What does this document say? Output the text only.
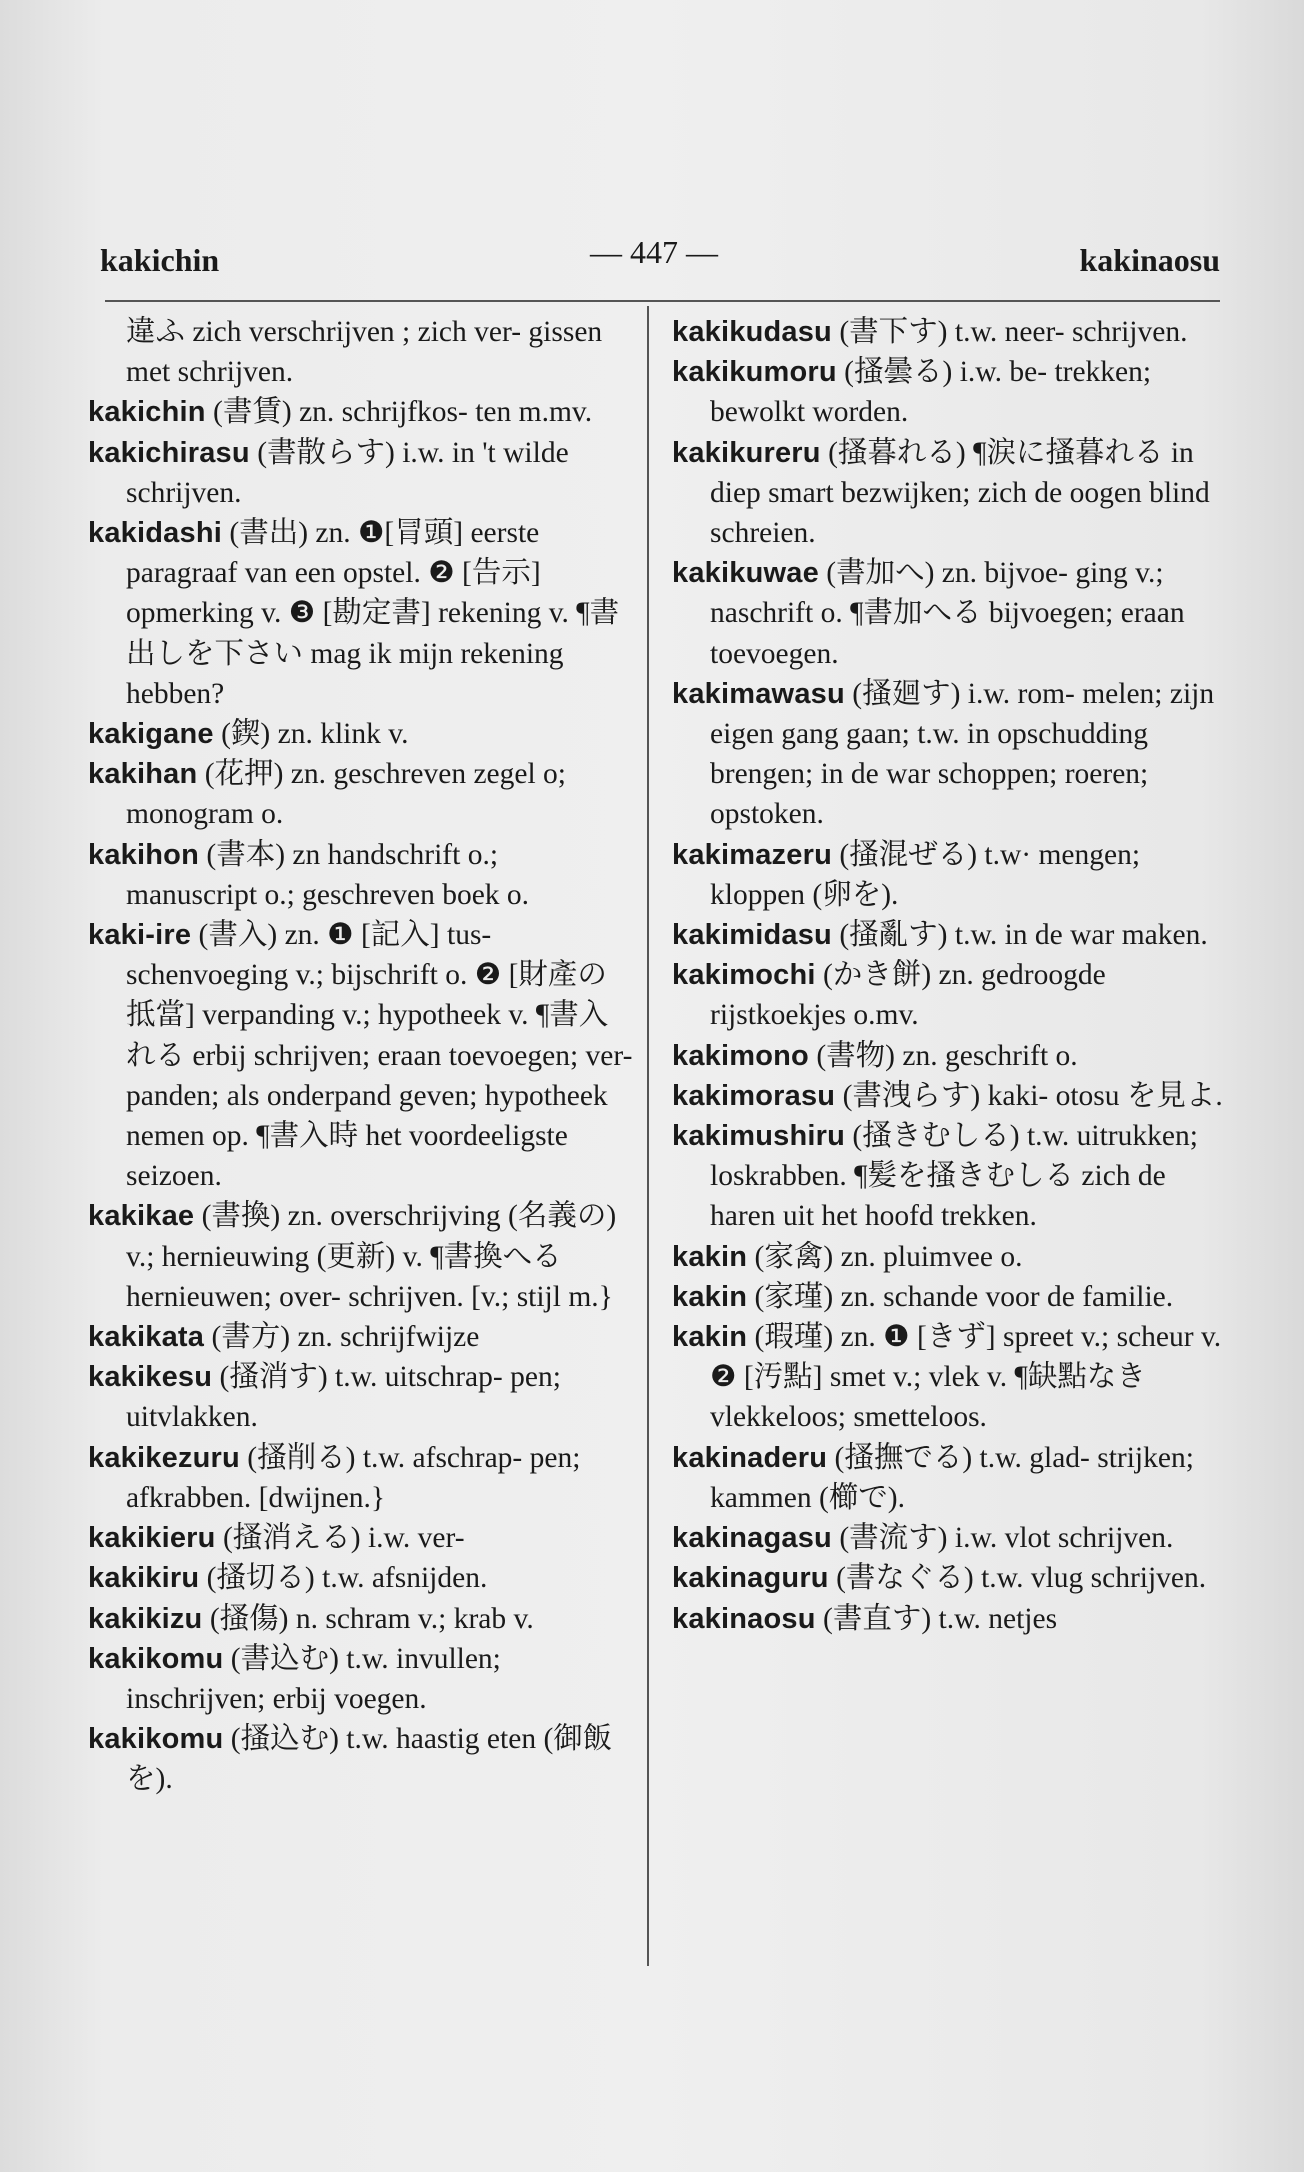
kakichin	— 447 —	kakinaosu

違ふ zich verschrijven ; zich ver- gissen met schrijven.

kakichin (書賃) zn. schrijfkos- ten m.mv.

kakichirasu (書散らす) i.w. in 't wilde schrijven.

kakidashi (書出) zn. ❶[冐頭] eerste paragraaf van een opstel. ❷ [告示] opmerking v. ❸ [勘定書] rekening v. ¶書出しを下さい mag ik mijn rekening hebben?

kakigane (鍥) zn. klink v.

kakihan (花押) zn. geschreven zegel o; monogram o.

kakihon (書本) zn handschrift o.; manuscript o.; geschreven boek o.

kaki-ire (書入) zn. ❶ [記入] tus- schenvoeging v.; bijschrift o. ❷ [財產の抵當] verpanding v.; hypotheek v. ¶書入れる erbij schrijven; eraan toevoegen; ver- panden; als onderpand geven; hypotheek nemen op. ¶書入時 het voordeeligste seizoen.

kakikae (書換) zn. overschrijving (名義の) v.; hernieuwing (更新) v. ¶書換へる hernieuwen; over- schrijven. [v.; stijl m.}

kakikata (書方) zn. schrijfwijze

kakikesu (搔消す) t.w. uitschrap- pen; uitvlakken.

kakikezuru (搔削る) t.w. afschrap- pen; afkrabben. [dwijnen.}

kakikieru (搔消える) i.w. ver-

kakikiru (搔切る) t.w. afsnijden.

kakikizu (搔傷) n. schram v.; krab v.

kakikomu (書込む) t.w. invullen; inschrijven; erbij voegen.

kakikomu (搔込む) t.w. haastig eten (御飯を).

kakikudasu (書下す) t.w. neer- schrijven.

kakikumoru (搔曇る) i.w. be- trekken; bewolkt worden.

kakikureru (搔暮れる) ¶涙に搔暮れる in diep smart bezwijken; zich de oogen blind schreien.

kakikuwae (書加へ) zn. bijvoe- ging v.; naschrift o. ¶書加へる bijvoegen; eraan toevoegen.

kakimawasu (搔廻す) i.w. rom- melen; zijn eigen gang gaan; t.w. in opschudding brengen; in de war schoppen; roeren; opstoken.

kakimazeru (搔混ぜる) t.w· mengen; kloppen (卵を).

kakimidasu (搔亂す) t.w. in de war maken.

kakimochi (かき餅) zn. gedroogde rijstkoekjes o.mv.

kakimono (書物) zn. geschrift o.

kakimorasu (書洩らす) kaki- otosu を見よ.

kakimushiru (搔きむしる) t.w. uitrukken; loskrabben. ¶髪を搔きむしる zich de haren uit het hoofd trekken.

kakin (家禽) zn. pluimvee o.

kakin (家瑾) zn. schande voor de familie.

kakin (瑕瑾) zn. ❶ [きず] spreet v.; scheur v. ❷ [汚點] smet v.; vlek v. ¶缺點なき vlekkeloos; smetteloos.

kakinaderu (搔撫でる) t.w. glad- strijken; kammen (櫛で).

kakinagasu (書流す) i.w. vlot schrijven.

kakinaguru (書なぐる) t.w. vlug schrijven.

kakinaosu (書直す) t.w. netjes
